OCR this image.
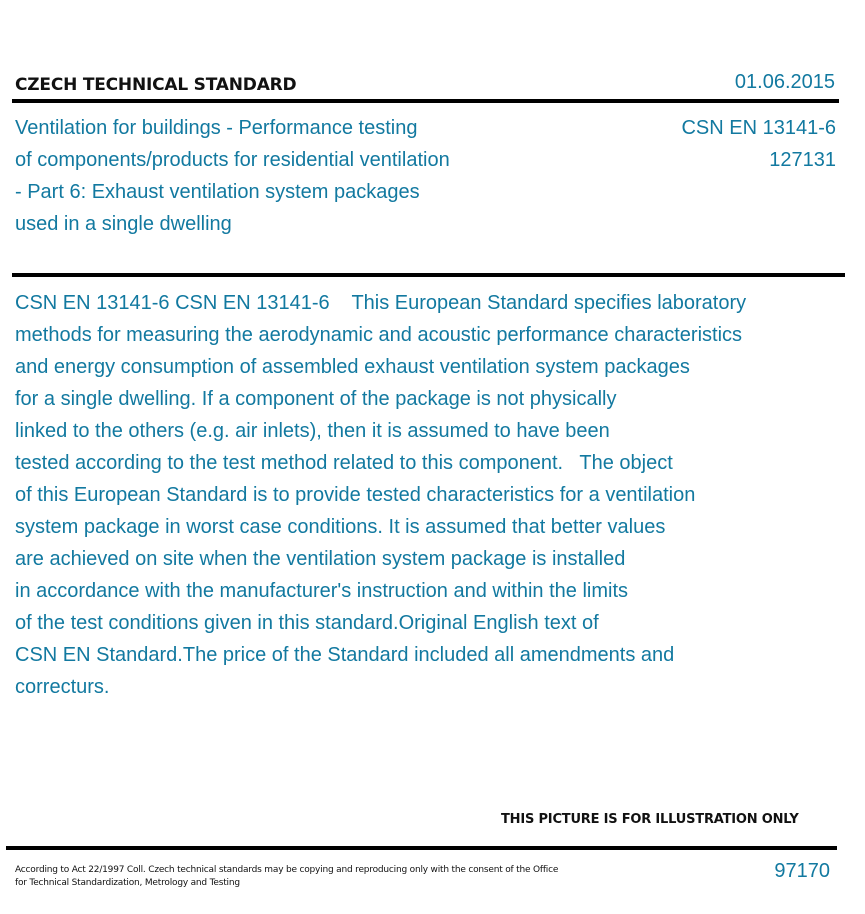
CZECH TECHNICAL STANDARD	01.06.2015
Ventilation for buildings - Performance testing
of components/products for residential ventilation
- Part 6: Exhaust ventilation system packages
used in a single dwelling
CSN EN 13141-6
127131
CSN EN 13141-6 CSN EN 13141-6    This European Standard specifies laboratory
methods for measuring the aerodynamic and acoustic performance characteristics
and energy consumption of assembled exhaust ventilation system packages
for a single dwelling. If a component of the package is not physically
linked to the others (e.g. air inlets), then it is assumed to have been
tested according to the test method related to this component.   The object
of this European Standard is to provide tested characteristics for a ventilation
system package in worst case conditions. It is assumed that better values
are achieved on site when the ventilation system package is installed
in accordance with the manufacturer's instruction and within the limits
of the test conditions given in this standard.Original English text of
CSN EN Standard.The price of the Standard included all amendments and
correcturs.
THIS PICTURE IS FOR ILLUSTRATION ONLY
According to Act 22/1997 Coll. Czech technical standards may be copying and reproducing only with the consent of the Office
for Technical Standardization, Metrology and Testing
97170
